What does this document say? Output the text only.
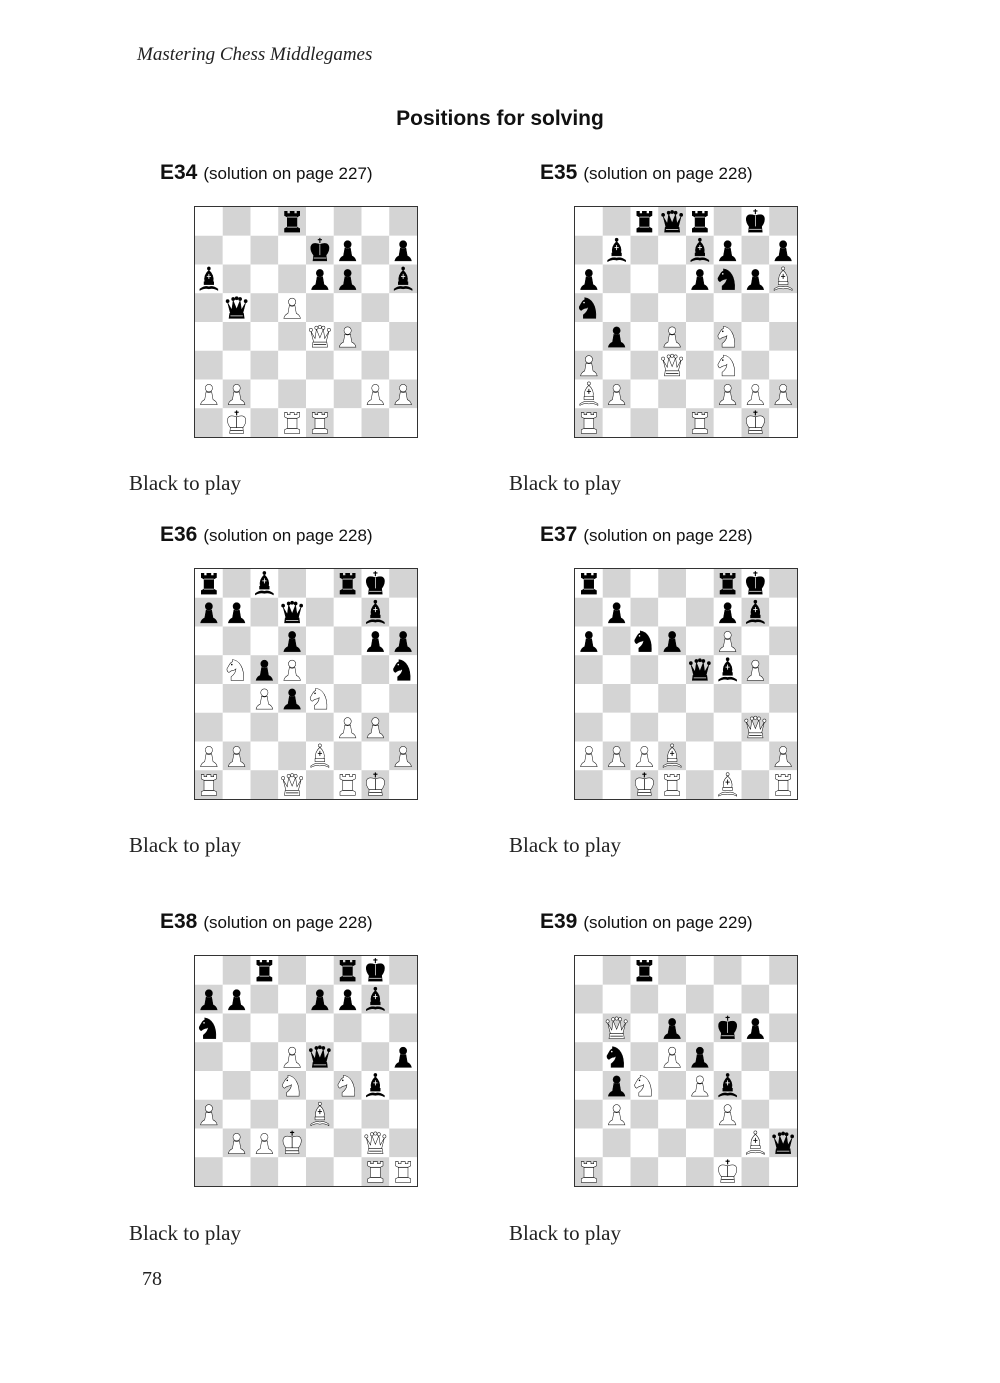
Mastering Chess Middlegames
Positions for solving
E34 (solution on page 227)
Black to play
E35 (solution on page 228)
Black to play
E36 (solution on page 228)
Black to play
E37 (solution on page 228)
Black to play
E38 (solution on page 228)
Black to play
E39 (solution on page 229)
Black to play
78
